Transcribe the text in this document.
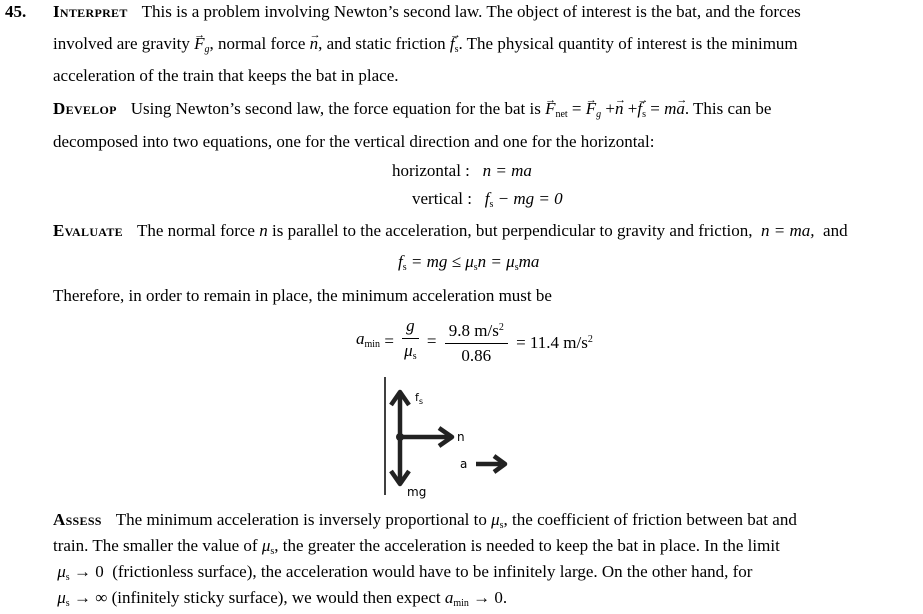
45. Interpret This is a problem involving Newton’s second law. The object of interest is the bat, and the forces
involved are gravity → $F_g$, normal force → n, and static friction → $f_s$. The physical quantity of interest is the minimum
acceleration of the train that keeps the bat in place.
Develop Using Newton’s second law, the force equation for the bat is → $F_{net}$ = → $F_g +\to n +\to f_s = m\to a$. This can be
decomposed into two equations, one for the vertical direction and one for the horizontal:
horizontal : n = ma
vertical : $f_s$ − mg = 0
Evaluate The normal force n is parallel to the acceleration, but perpendicular to gravity and friction, n = ma, and
$f_s$ = mg ≤ $\mu_sn = \mu_sma$
Therefore, in order to remain in place, the minimum acceleration must be
$a_{min} = \frac{g}{\mu_s} = \frac{9.8 m/s^2}{0.86} = 11.4$ $m/s^2$
$f_s$
n
a
mg
Assess The minimum acceleration is inversely proportional to $\mu_s$, the coefficient of friction between bat and
train. The smaller the value of $\mu_s$, the greater the acceleration is needed to keep the bat in place. In the limit
$\mu_s \to 0$ (frictionless surface), the acceleration would have to be infinitely large. On the other hand, for
$\mu_s$ → ∞ (infinitely sticky surface), we would then expect $a_{min} \to 0$.
